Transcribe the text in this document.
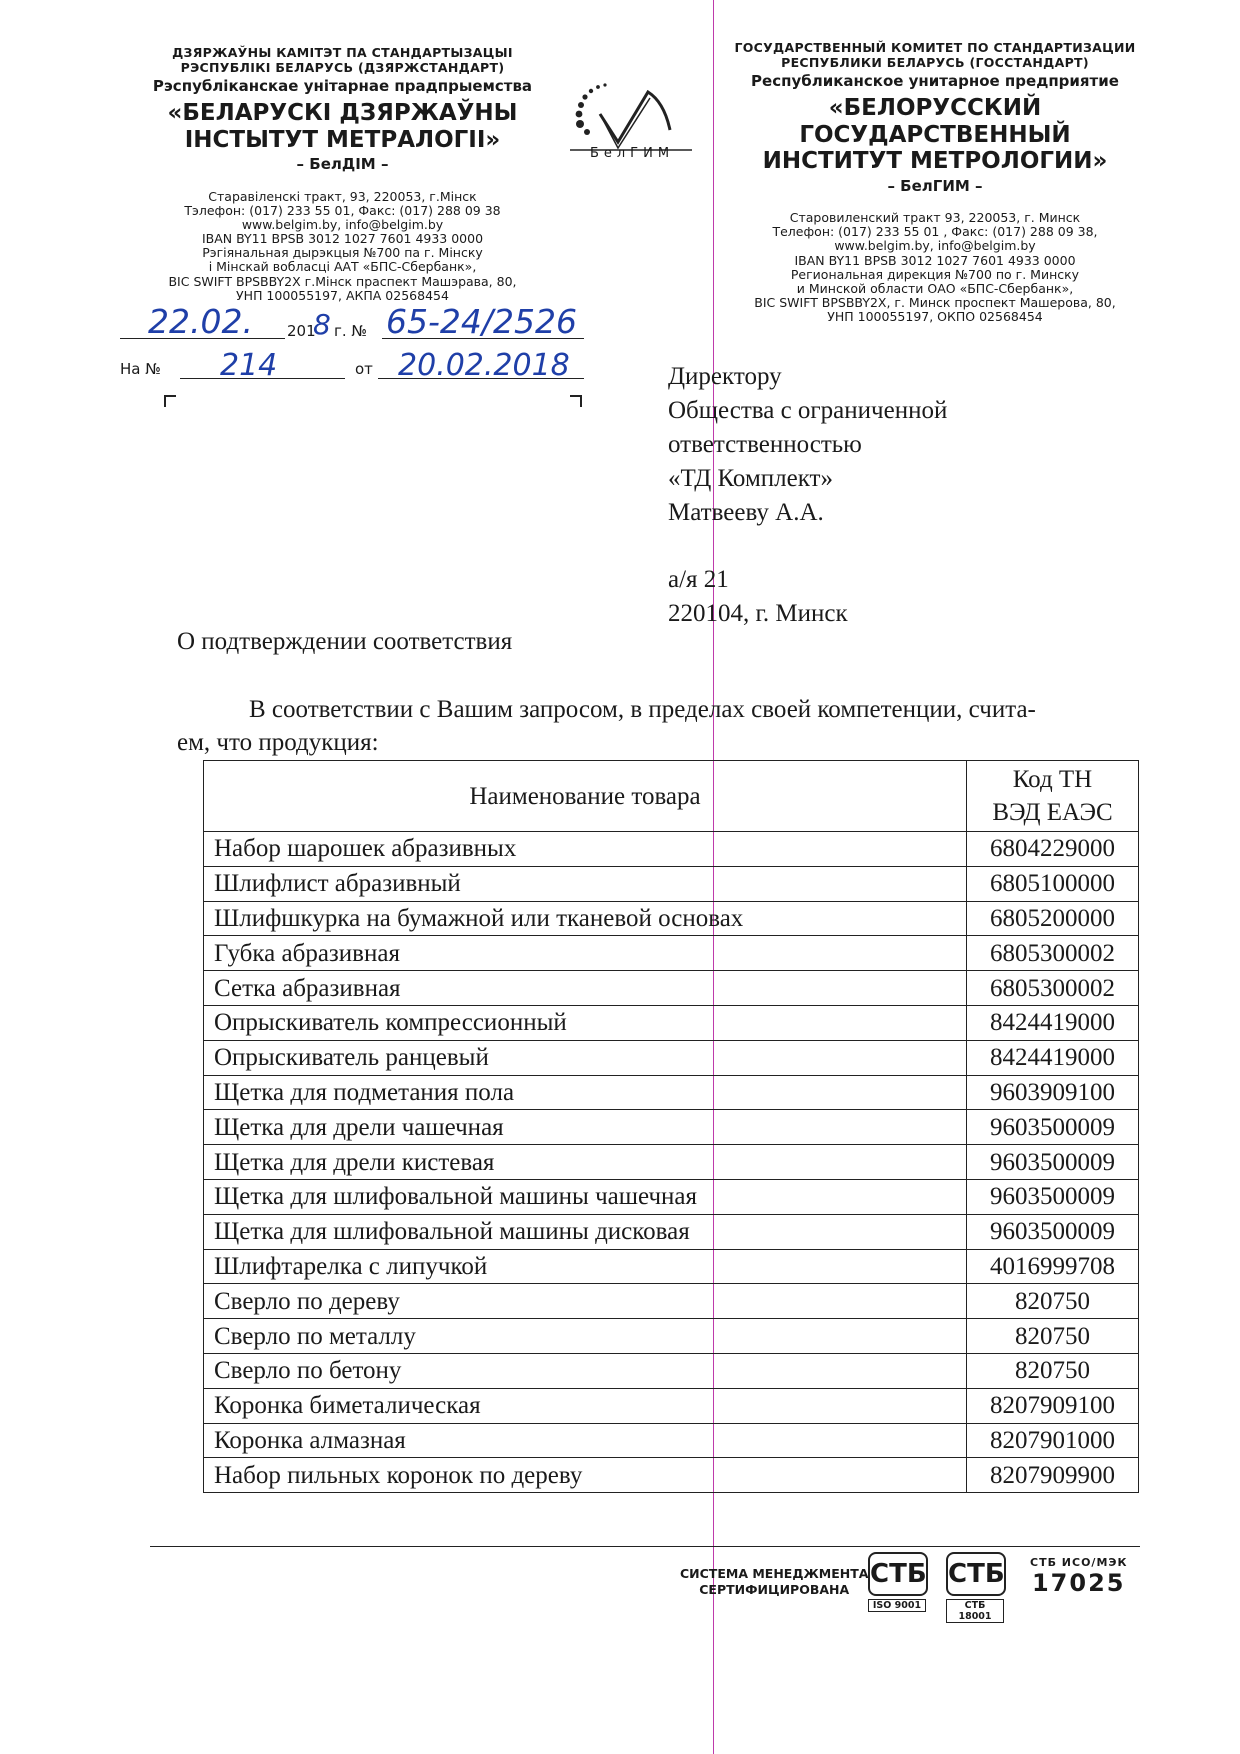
ДЗЯРЖАЎНЫ КАМІТЭТ ПА СТАНДАРТЫЗАЦЫІ
РЭСПУБЛІКІ БЕЛАРУСЬ (ДЗЯРЖСТАНДАРТ)
Рэспубліканскае унітарнае прадпрыемства
«БЕЛАРУСКІ ДЗЯРЖАЎНЫ
ІНСТЫТУТ МЕТРАЛОГІІ»
– БелДІМ –
Старавіленскі тракт, 93, 220053, г.Мінск
Тэлефон: (017) 233 55 01, Факс: (017) 288 09 38
www.belgim.by, info@belgim.by
IBAN BY11 BPSB 3012 1027 7601 4933 0000
Рэгіянальная дырэкцыя №700 па г. Мінску
і Мінскай вобласці ААТ «БПС-Сбербанк»,
BIC SWIFT BPSBBY2X г.Мінск праспект Машэрава, 80,
УНП 100055197, АКПА 02568454
БелГИМ
ГОСУДАРСТВЕННЫЙ КОМИТЕТ ПО СТАНДАРТИЗАЦИИ
РЕСПУБЛИКИ БЕЛАРУСЬ (ГОССТАНДАРТ)
Республиканское унитарное предприятие
«БЕЛОРУССКИЙ ГОСУДАРСТВЕННЫЙ
ИНСТИТУТ МЕТРОЛОГИИ»
– БелГИМ –
Старовиленский тракт 93, 220053, г. Минск
Телефон: (017) 233 55 01 , Факс: (017) 288 09 38,
www.belgim.by, info@belgim.by
IBAN BY11 BPSB 3012 1027 7601 4933 0000
Региональная дирекция №700 по г. Минску
и Минской области ОАО «БПС-Сбербанк»,
BIC SWIFT BPSBBY2X, г. Минск проспект Машерова, 80,
УНП 100055197, ОКПО 02568454
22.02. 201
8 г. № 65-24/2526
На № 214	от 20.02.2018	Директору
Общества с ограниченной
ответственностью
«ТД Комплект»
Матвееву А.А.
а/я 21
220104, г. Минск
О подтверждении соответствия
В соответствии с Вашим запросом, в пределах своей компетенции, счита-
ем, что продукция:
Наименование товара	Код ТН
ВЭД ЕАЭС

Набор шарошек абразивных	6804229000
Шлифлист абразивный	6805100000
Шлифшкурка на бумажной или тканевой основах	6805200000
Губка абразивная	6805300002
Сетка абразивная	6805300002
Опрыскиватель компрессионный	8424419000
Опрыскиватель ранцевый	8424419000
Щетка для подметания пола	9603909100
Щетка для дрели чашечная	9603500009
Щетка для дрели кистевая	9603500009
Щетка для шлифовальной машины чашечная	9603500009
Щетка для шлифовальной машины дисковая	9603500009
Шлифтарелка с липучкой	4016999708
Сверло по дереву	820750
Сверло по металлу	820750
Сверло по бетону	820750
Коронка биметалическая	8207909100
Коронка алмазная	8207901000
Набор пильных коронок по дереву	8207909900
СИСТЕМА МЕНЕДЖМЕНТА
СЕРТИФИЦИРОВАНА
СТБ
ISO 9001
СТБ
СТБ 18001
СТБ ИСО/МЭК
17025
